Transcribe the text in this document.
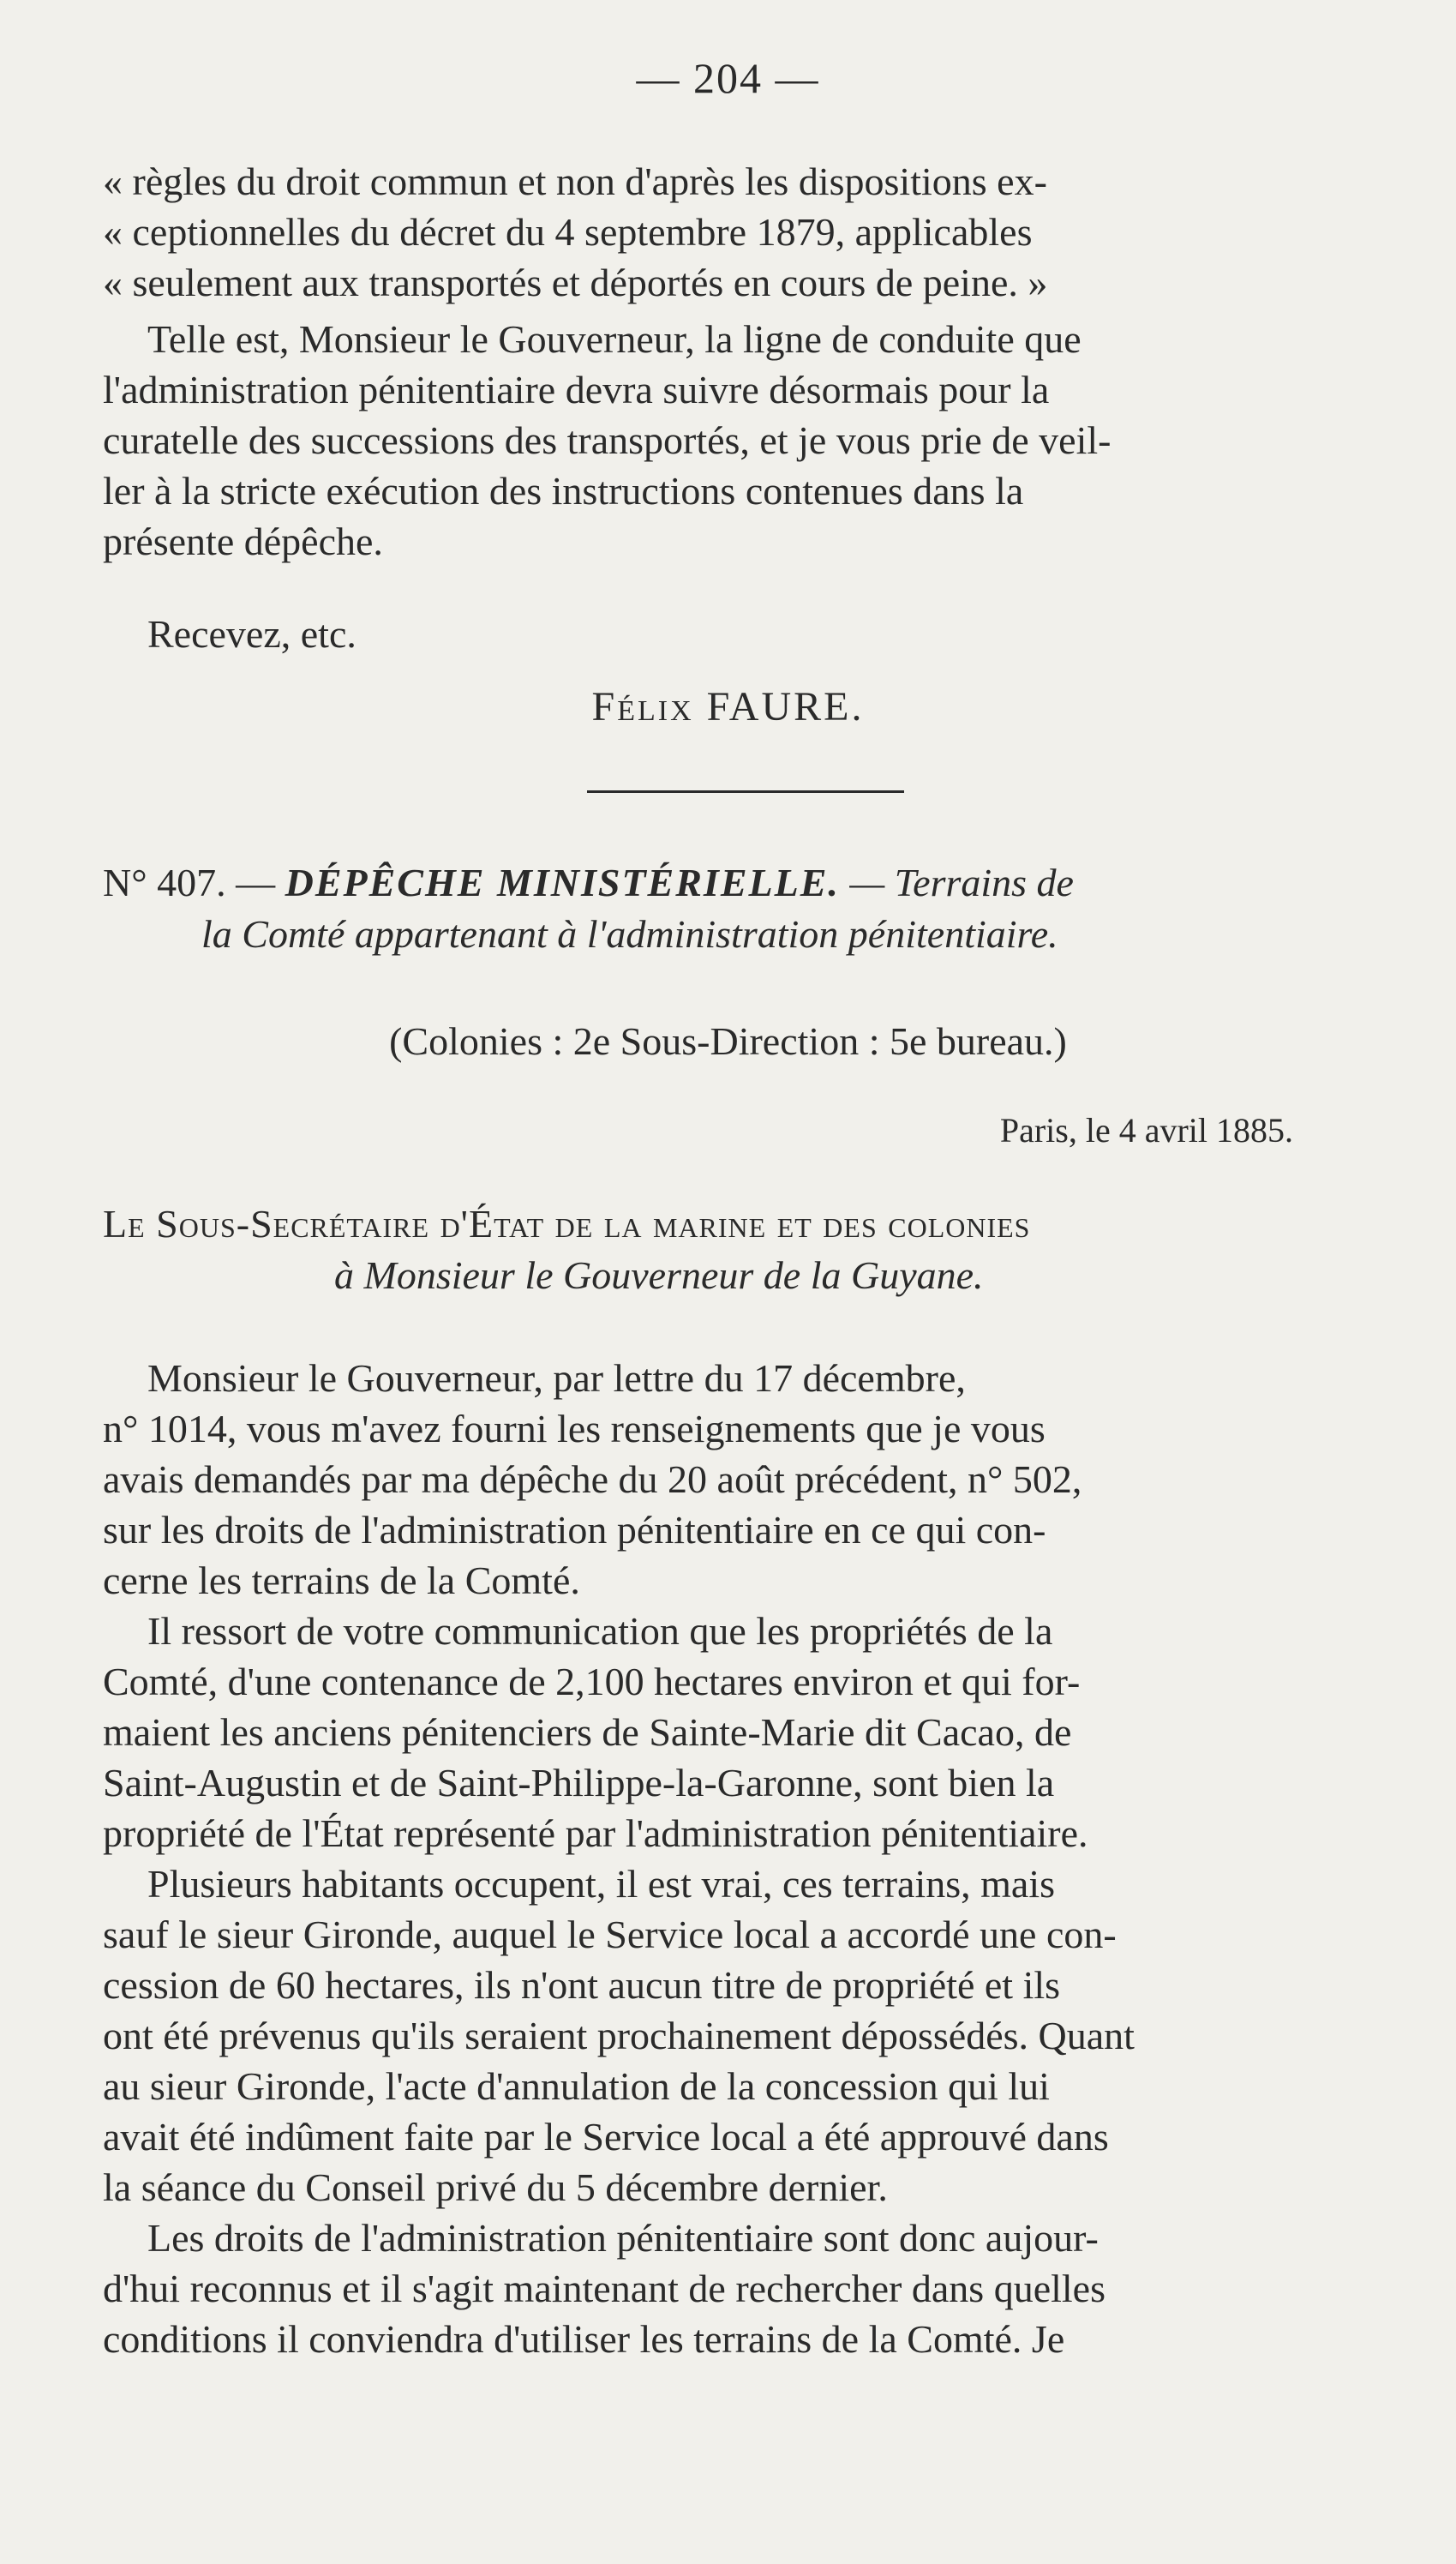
— 204 —

« règles du droit commun et non d'après les dispositions ex-
« ceptionnelles du décret du 4 septembre 1879, applicables
« seulement aux transportés et déportés en cours de peine. »

Telle est, Monsieur le Gouverneur, la ligne de conduite que
l'administration pénitentiaire devra suivre désormais pour la
curatelle des successions des transportés, et je vous prie de veil-
ler à la stricte exécution des instructions contenues dans la
présente dépêche.

Recevez, etc.

Félix FAURE.
N° 407. — DÉPÊCHE MINISTÉRIELLE. — Terrains de
la Comté appartenant à l'administration pénitentiaire.
(Colonies : 2e Sous-Direction : 5e bureau.)
Paris, le 4 avril 1885.
Le Sous-Secrétaire d'État de la marine et des colonies
à Monsieur le Gouverneur de la Guyane.

Monsieur le Gouverneur, par lettre du 17 décembre,
n° 1014, vous m'avez fourni les renseignements que je vous
avais demandés par ma dépêche du 20 août précédent, n° 502,
sur les droits de l'administration pénitentiaire en ce qui con-
cerne les terrains de la Comté.

Il ressort de votre communication que les propriétés de la
Comté, d'une contenance de 2,100 hectares environ et qui for-
maient les anciens pénitenciers de Sainte-Marie dit Cacao, de
Saint-Augustin et de Saint-Philippe-la-Garonne, sont bien la
propriété de l'État représenté par l'administration pénitentiaire.

Plusieurs habitants occupent, il est vrai, ces terrains, mais
sauf le sieur Gironde, auquel le Service local a accordé une con-
cession de 60 hectares, ils n'ont aucun titre de propriété et ils
ont été prévenus qu'ils seraient prochainement dépossédés. Quant
au sieur Gironde, l'acte d'annulation de la concession qui lui
avait été indûment faite par le Service local a été approuvé dans
la séance du Conseil privé du 5 décembre dernier.

Les droits de l'administration pénitentiaire sont donc aujour-
d'hui reconnus et il s'agit maintenant de rechercher dans quelles
conditions il conviendra d'utiliser les terrains de la Comté. Je
